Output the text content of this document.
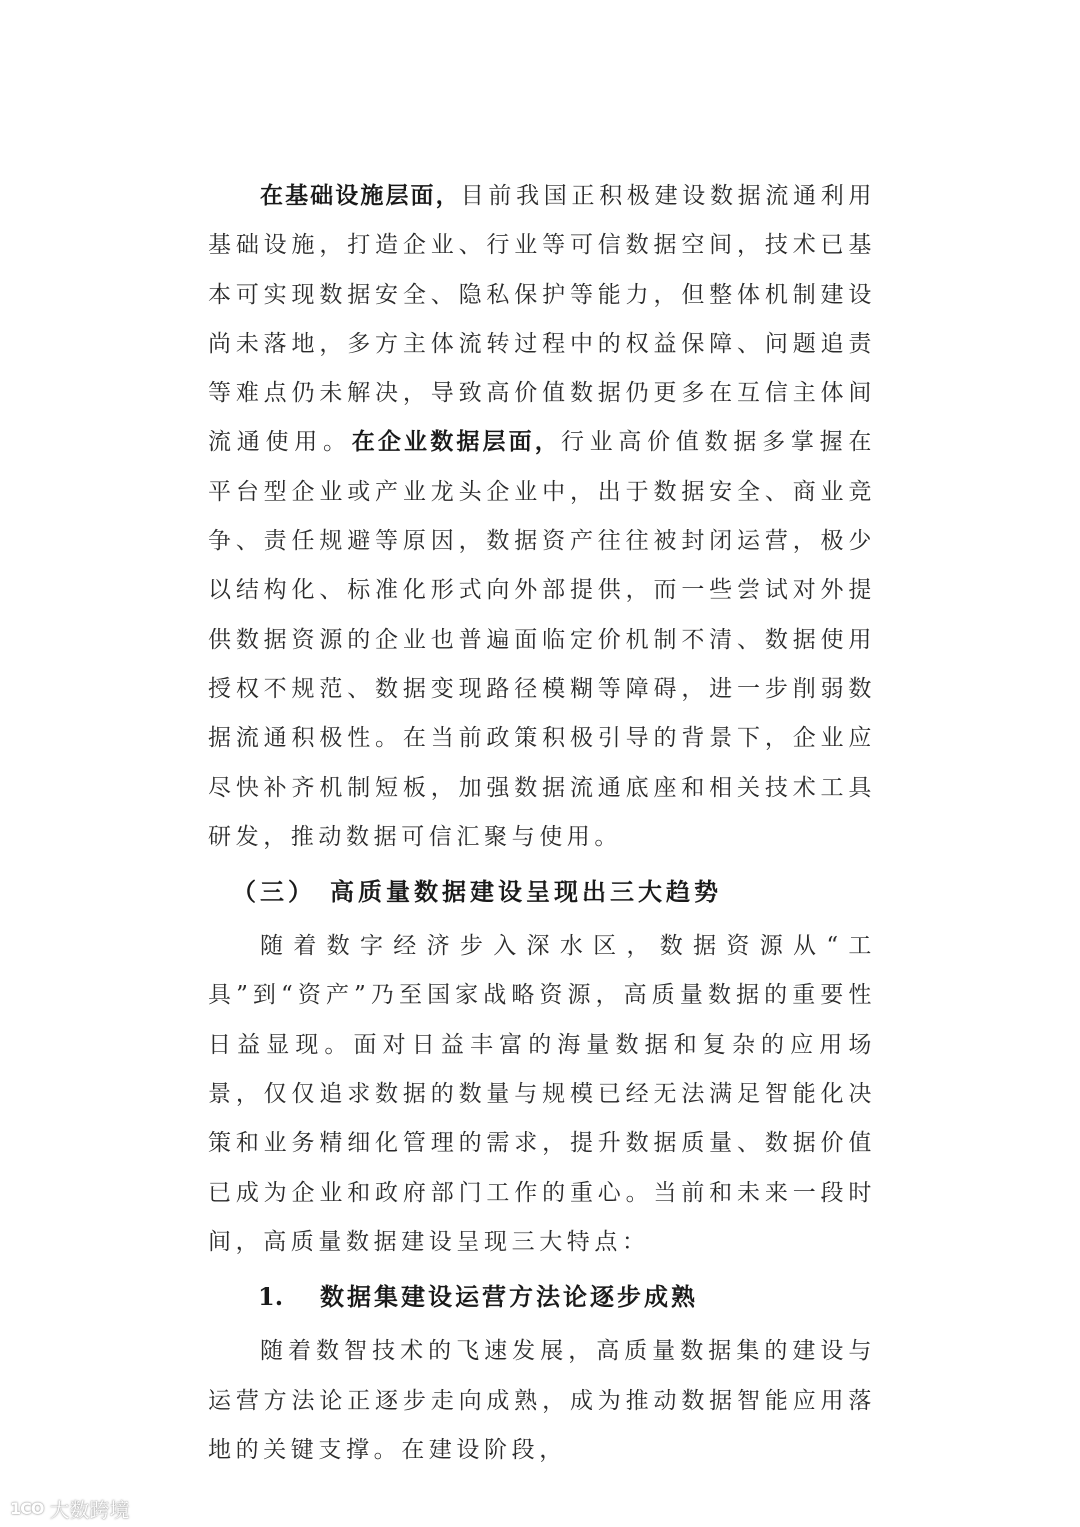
在基础设施层面，目前我国正积极建设数据流通利用基础设施，打造企业、行业等可信数据空间，技术已基本可实现数据安全、隐私保护等能力，但整体机制建设尚未落地，多方主体流转过程中的权益保障、问题追责等难点仍未解决，导致高价值数据仍更多在互信主体间流通使用。在企业数据层面，行业高价值数据多掌握在平台型企业或产业龙头企业中，出于数据安全、商业竞争、责任规避等原因，数据资产往往被封闭运营，极少以结构化、标准化形式向外部提供，而一些尝试对外提供数据资源的企业也普遍面临定价机制不清、数据使用授权不规范、数据变现路径模糊等障碍，进一步削弱数据流通积极性。在当前政策积极引导的背景下，企业应尽快补齐机制短板，加强数据流通底座和相关技术工具研发，推动数据可信汇聚与使用。

（三） 高质量数据建设呈现出三大趋势

随着数字经济步入深水区，数据资源从“工具”到“资产”乃至国家战略资源，高质量数据的重要性日益显现。面对日益丰富的海量数据和复杂的应用场景，仅仅追求数据的数量与规模已经无法满足智能化决策和业务精细化管理的需求，提升数据质量、数据价值已成为企业和政府部门工作的重心。当前和未来一段时间，高质量数据建设呈现三大特点：

1. 数据集建设运营方法论逐步成熟

随着数智技术的飞速发展，高质量数据集的建设与运营方法论正逐步走向成熟，成为推动数据智能应用落地的关键支撑。在建设阶段，

1CO 大数跨境
